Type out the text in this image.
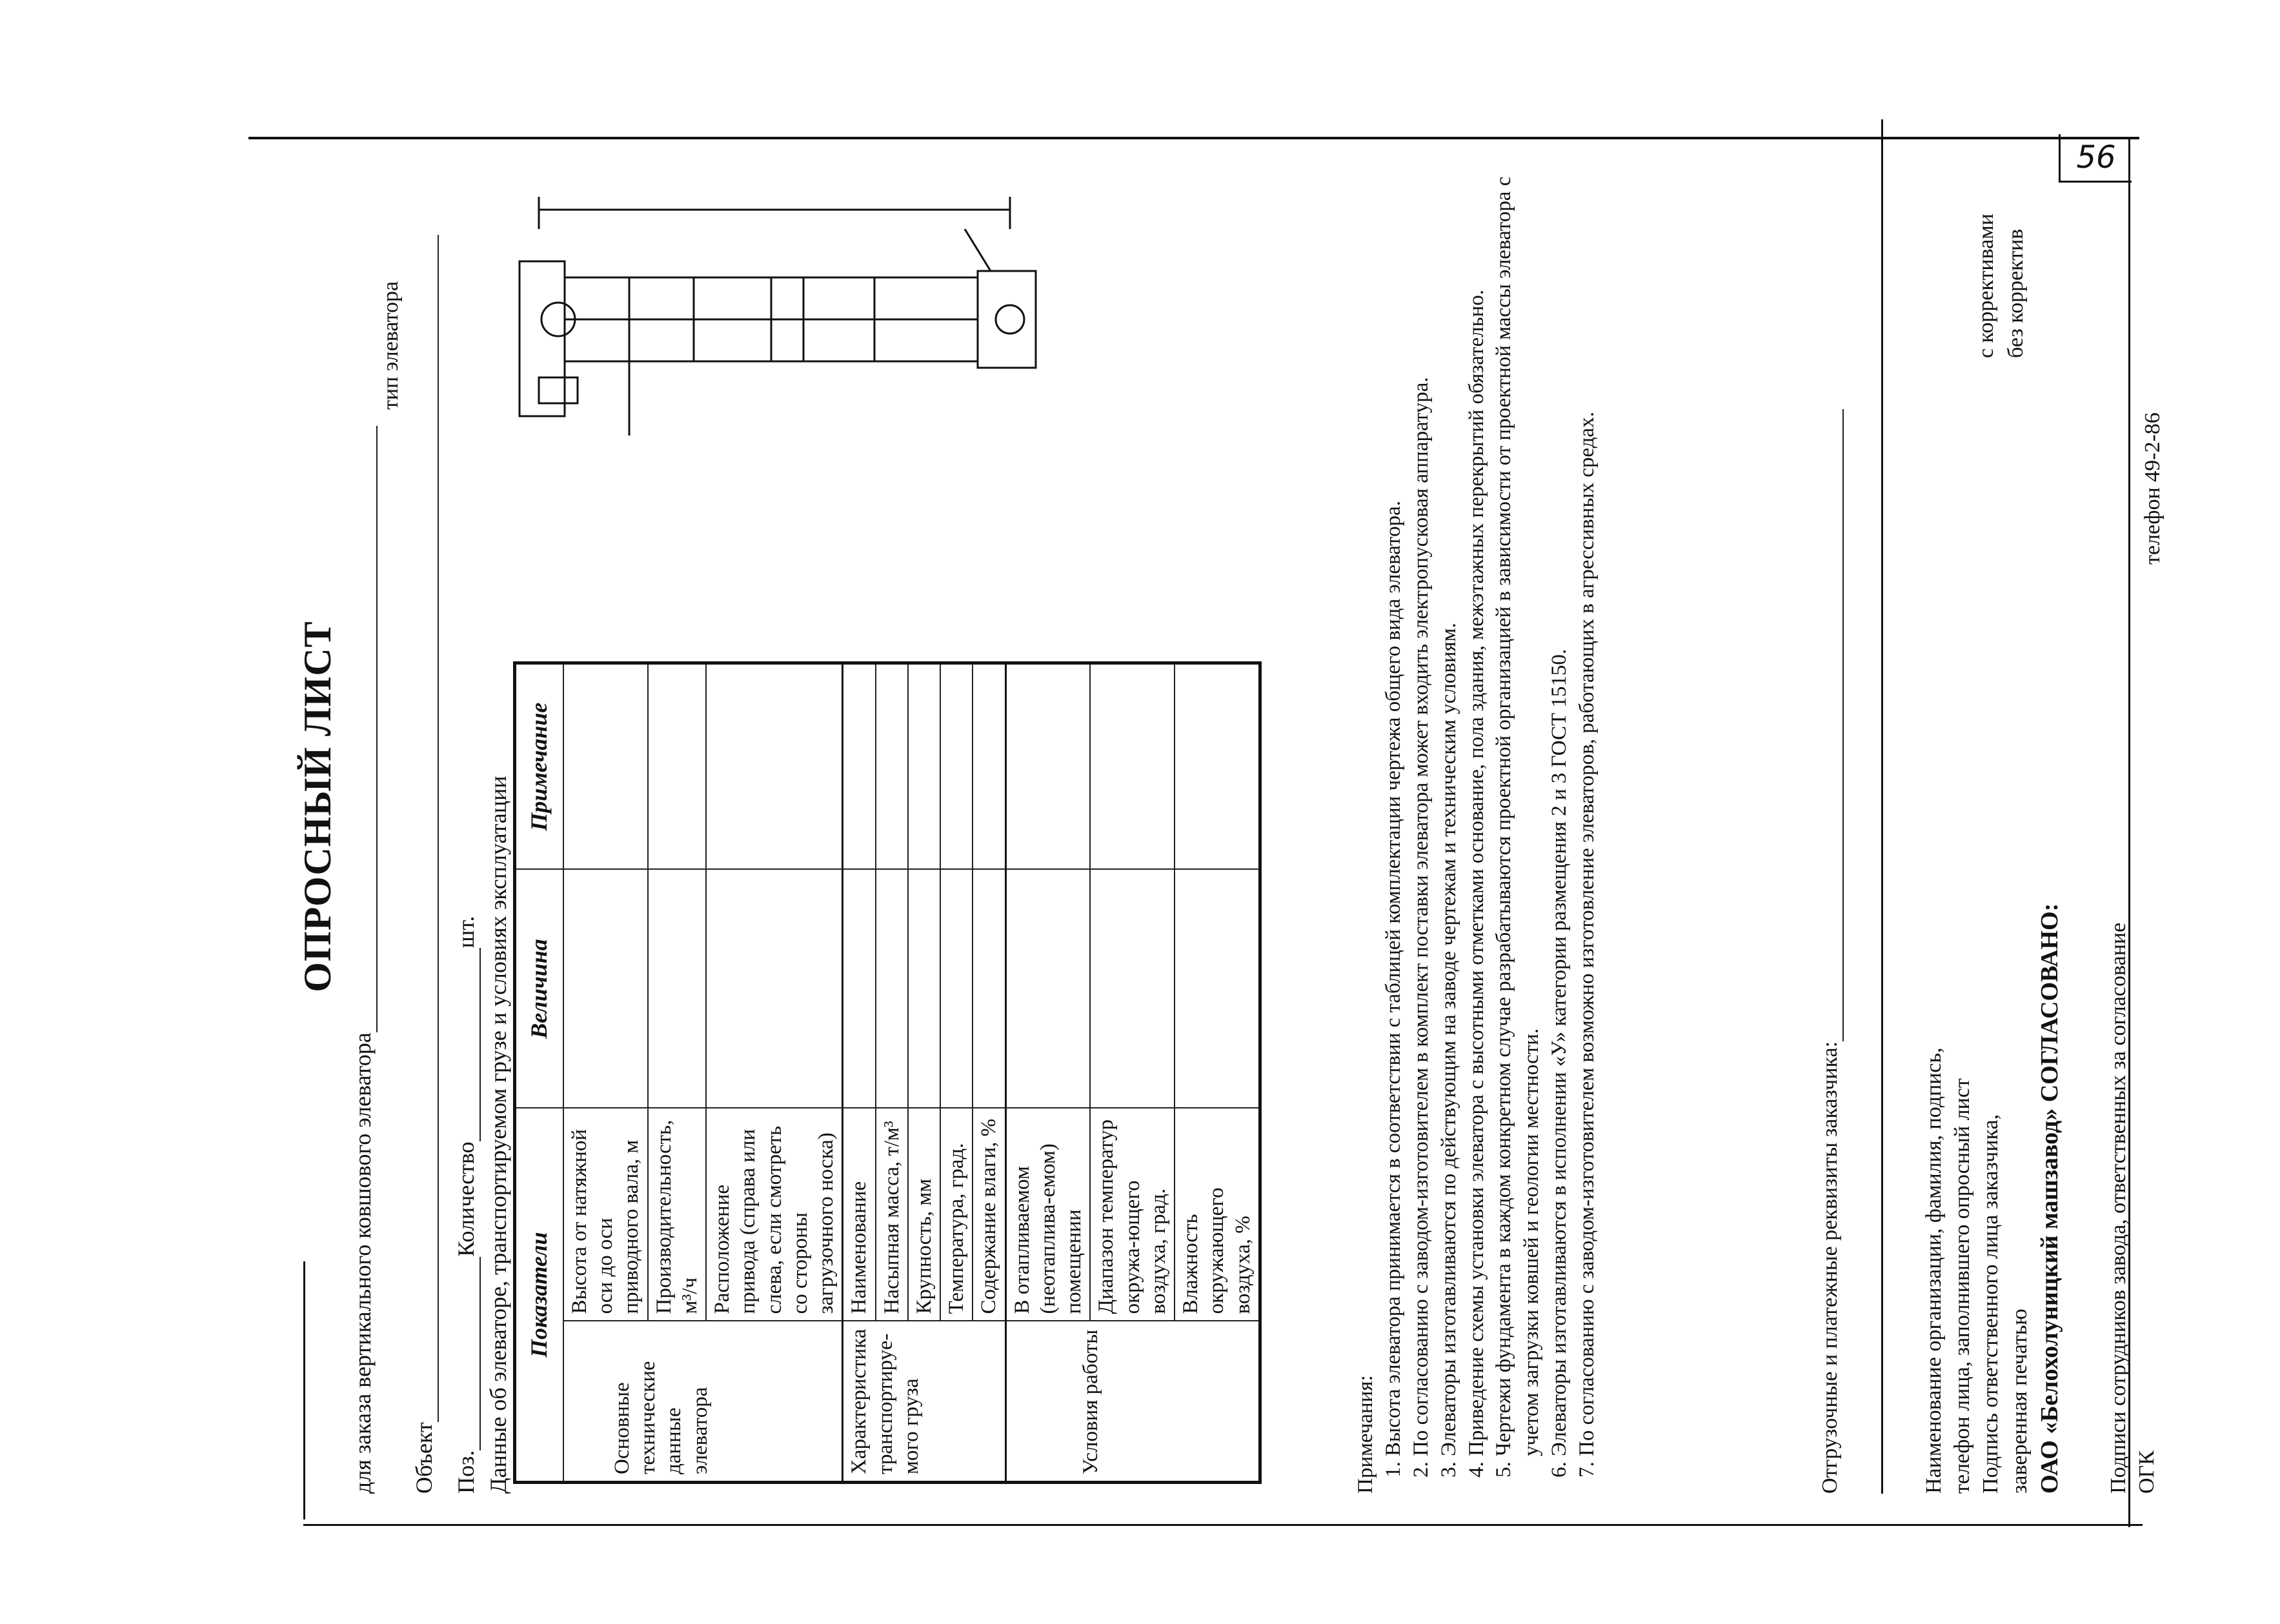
56
ОПРОСНЫЙ ЛИСТ
для заказа вертикального ковшового элеватора
тип элеватора
Объект Поз.Количествошт. Данные об элеваторе, транспортируемом грузе и условиях эксплуатации Показатели		Величина	Примечание
Основные технические данные элеватора	Высота от натяжной оси до оси приводного вала, м		
	Производительность, м³/ч		
	Расположение привода (справа или слева, если смотреть со стороны загрузочного носка)		
Характеристика транспортируе-мого груза	Наименование		
	Насыпная масса, т/м³		
	Крупность, мм		
	Температура, град.		
	Содержание влаги, %		
Условия работы	В отапливаемом (неотаплива-емом) помещении		
	Диапазон температур окружа-ющего воздуха, град.		
	Влажность окружающего воздуха, %		
Примечания: 1. Высота элеватора принимается в соответствии с таблицей комплектации чертежа общего вида элеватора. 2. По согласованию с заводом-изготовителем в комплект поставки элеватора может входить электропусковая аппаратура. 3. Элеваторы изготавливаются по действующим на заводе чертежам и техническим условиям. 4. Приведение схемы установки элеватора с высотными отметками основание, пола здания, межэтажных перекрытий обязательно. 5. Чертежи фундамента в каждом конкретном случае разрабатываются проектной организацией в зависимости от проектной массы элеватора с учетом загрузки ковшей и геологии местности. 6. Элеваторы изготавливаются в исполнении «У» категории размещения 2 и 3 ГОСТ 15150. 7. По согласованию с заводом-изготовителем возможно изготовление элеваторов, работающих в агрессивных средах.	Отгрузочные и платежные реквизиты заказчика:	Наименование организации, фамилия, подпись, телефон лица, заполнившего опросный лист Подпись ответственного лица заказчика, заверенная печатью ОАО «Белохолуницкий машзавод» СОГЛАСОВАНО: Подписи сотрудников завода, ответственных за согласование ОГК
с коррективами без корректив
телефон 49-2-86
